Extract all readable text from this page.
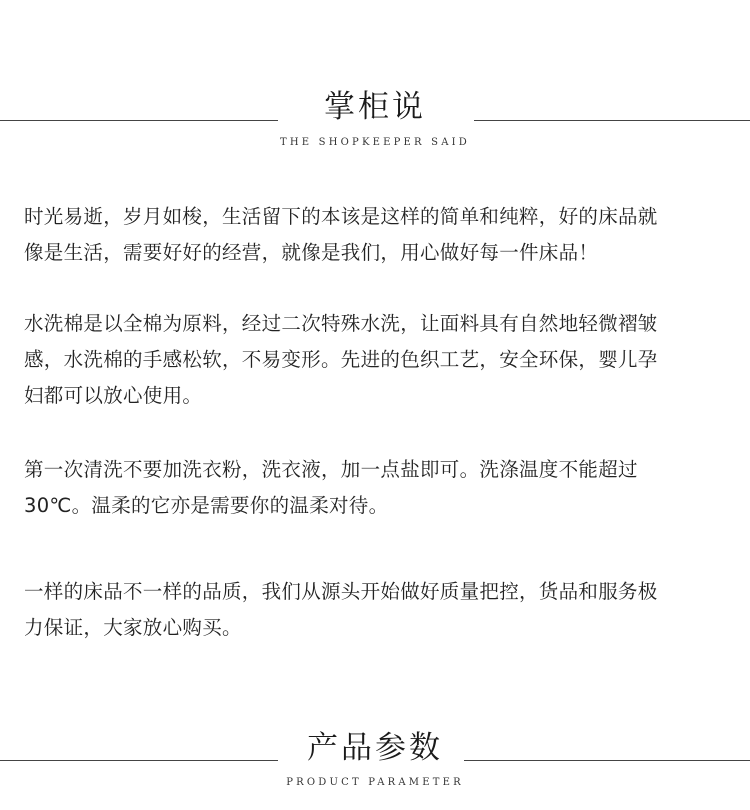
掌柜说
THE SHOPKEEPER SAID
时光易逝，岁月如梭，生活留下的本该是这样的简单和纯粹，好的床品就
像是生活，需要好好的经营，就像是我们，用心做好每一件床品！
水洗棉是以全棉为原料，经过二次特殊水洗，让面料具有自然地轻微褶皱
感，水洗棉的手感松软，不易变形。先进的色织工艺，安全环保，婴儿孕
妇都可以放心使用。
第一次清洗不要加洗衣粉，洗衣液，加一点盐即可。洗涤温度不能超过
30℃。温柔的它亦是需要你的温柔对待。
一样的床品不一样的品质，我们从源头开始做好质量把控，货品和服务极
力保证，大家放心购买。
产品参数
PRODUCT PARAMETER
